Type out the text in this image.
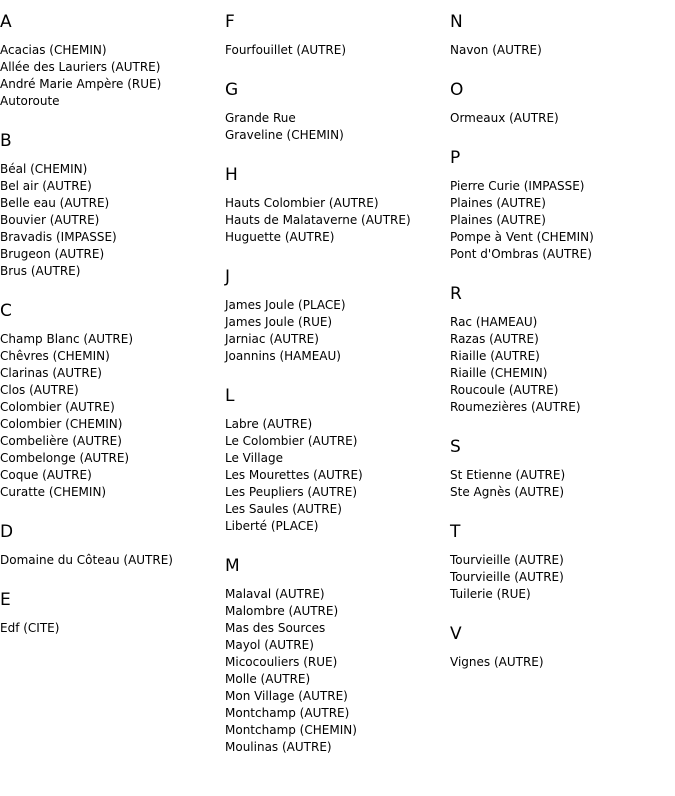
A
Acacias (CHEMIN)
Allée des Lauriers (AUTRE)
André Marie Ampère (RUE)
Autoroute
B
Béal (CHEMIN)
Bel air (AUTRE)
Belle eau (AUTRE)
Bouvier (AUTRE)
Bravadis (IMPASSE)
Brugeon (AUTRE)
Brus (AUTRE)
C
Champ Blanc (AUTRE)
Chêvres (CHEMIN)
Clarinas (AUTRE)
Clos (AUTRE)
Colombier (AUTRE)
Colombier (CHEMIN)
Combelière (AUTRE)
Combelonge (AUTRE)
Coque (AUTRE)
Curatte (CHEMIN)
D
Domaine du Côteau (AUTRE)
E
Edf (CITE)
F
Fourfouillet (AUTRE)
G
Grande Rue
Graveline (CHEMIN)
H
Hauts Colombier (AUTRE)
Hauts de Malataverne (AUTRE)
Huguette (AUTRE)
J
James Joule (PLACE)
James Joule (RUE)
Jarniac (AUTRE)
Joannins (HAMEAU)
L
Labre (AUTRE)
Le Colombier (AUTRE)
Le Village
Les Mourettes (AUTRE)
Les Peupliers (AUTRE)
Les Saules (AUTRE)
Liberté (PLACE)
M
Malaval (AUTRE)
Malombre (AUTRE)
Mas des Sources
Mayol (AUTRE)
Micocouliers (RUE)
Molle (AUTRE)
Mon Village (AUTRE)
Montchamp (AUTRE)
Montchamp (CHEMIN)
Moulinas (AUTRE)
N
Navon (AUTRE)
O
Ormeaux (AUTRE)
P
Pierre Curie (IMPASSE)
Plaines (AUTRE)
Plaines (AUTRE)
Pompe à Vent (CHEMIN)
Pont d'Ombras (AUTRE)
R
Rac (HAMEAU)
Razas (AUTRE)
Riaille (AUTRE)
Riaille (CHEMIN)
Roucoule (AUTRE)
Roumezières (AUTRE)
S
St Etienne (AUTRE)
Ste Agnès (AUTRE)
T
Tourvieille (AUTRE)
Tourvieille (AUTRE)
Tuilerie (RUE)
V
Vignes (AUTRE)
